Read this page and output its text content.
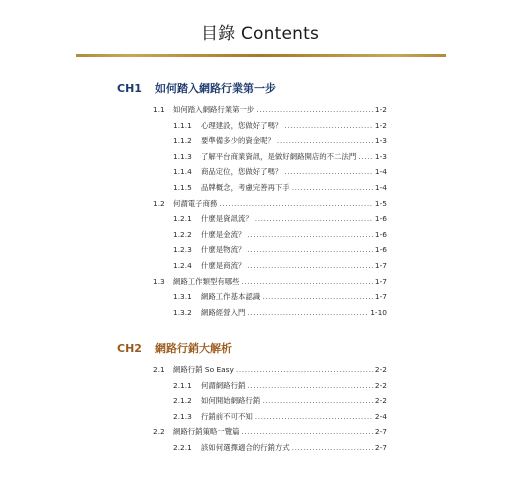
目錄 Contents
CH1 如何踏入網路行業第一步
1.1	如何踏入網路行業第一步 .....	1-2
1.1.1	心理建設，您做好了嗎？ .....	1-2
1.1.2	要準備多少的資金呢？ .....	1-3
1.1.3	了解平台商業資訊，是做好網路開店的不二法門 .....	1-3
1.1.4	商品定位，您做好了嗎？ .....	1-4
1.1.5	品牌概念，考慮完善再下手 .....	1-4
1.2	何謂電子商務 .....	1-5
1.2.1	什麼是資訊流？ .....	1-6
1.2.2	什麼是金流？ .....	1-6
1.2.3	什麼是物流？ .....	1-6
1.2.4	什麼是商流？ .....	1-7
1.3	網路工作類型有哪些 .....	1-7
1.3.1	網路工作基本認識 .....	1-7
1.3.2	網路經營入門 .....	1-10
CH2 網路行銷大解析
2.1	網路行銷 So Easy .....	2-2
2.1.1	何謂網路行銷 .....	2-2
2.1.2	如何開始網路行銷 .....	2-2
2.1.3	行銷前不可不知 .....	2-4
2.2	網路行銷策略一覽篇 .....	2-7
2.2.1	該如何選擇適合的行銷方式 .....	2-7
